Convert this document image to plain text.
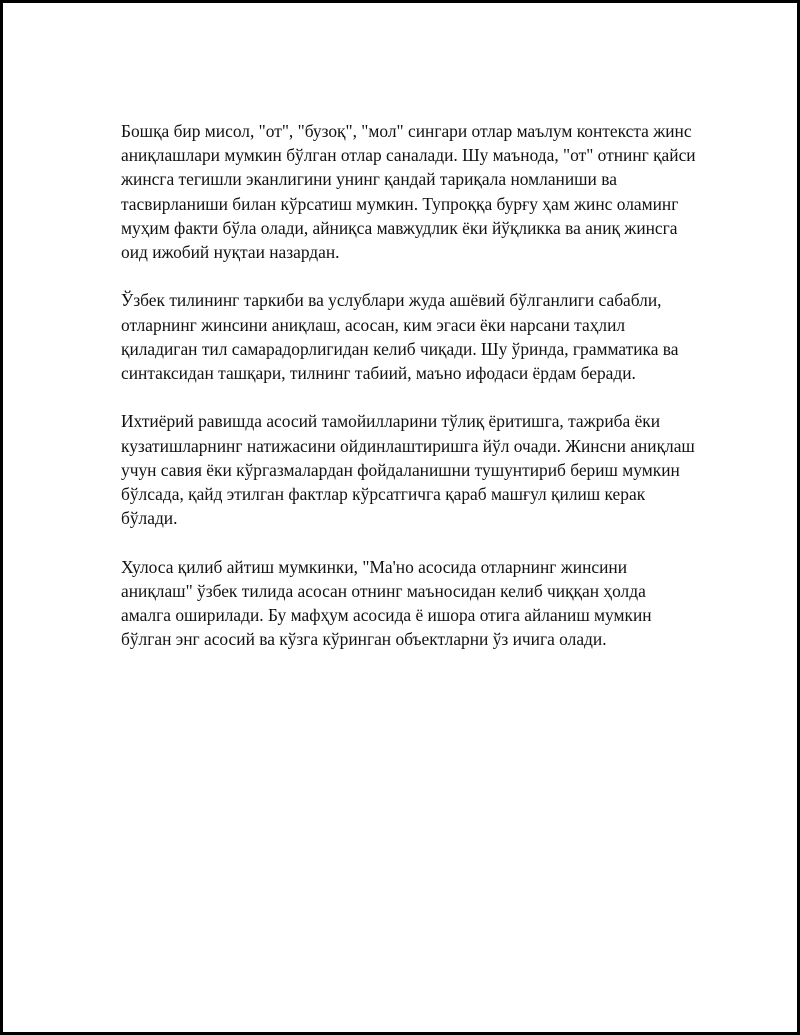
Бошқа бир мисол, "от", "бузоқ", "мол" сингари отлар маълум контекста жинс аниқлашлари мумкин бўлган отлар саналади. Шу маънода, "от" отнинг қайси жинсга тегишли эканлигини унинг қандай тариқала номланиши ва тасвирланиши билан кўрсатиш мумкин. Тупроққа бурғу ҳам жинс оламинг муҳим факти бўла олади, айниқса мавжудлик ёки йўқликка ва аниқ жинсга оид ижобий нуқтаи назардан.

Ўзбек тилининг таркиби ва услублари жуда ашёвий бўлганлиги сабабли, отларнинг жинсини аниқлаш, асосан, ким эгаси ёки нарсани таҳлил қиладиган тил самарадорлигидан келиб чиқади. Шу ўринда, грамматика ва синтаксидан ташқари, тилнинг табиий, маъно ифодаси ёрдам беради.

Ихтиёрий равишда асосий тамойилларини тўлиқ ёритишга, тажриба ёки кузатишларнинг натижасини ойдинлаштиришга йўл очади. Жинсни аниқлаш учун савия ёки кўргазмалардан фойдаланишни тушунтириб бериш мумкин бўлсада, қайд этилган фактлар кўрсатгичга қараб машғул қилиш керак бўлади.

Хулоса қилиб айтиш мумкинки, "Ма'но асосида отларнинг жинсини аниқлаш" ўзбек тилида асосан отнинг маъносидан келиб чиққан ҳолда амалга оширилади. Бу мафҳум асосида ё ишора отига айланиш мумкин бўлган энг асосий ва кўзга кўринган объектларни ўз ичига олади.
